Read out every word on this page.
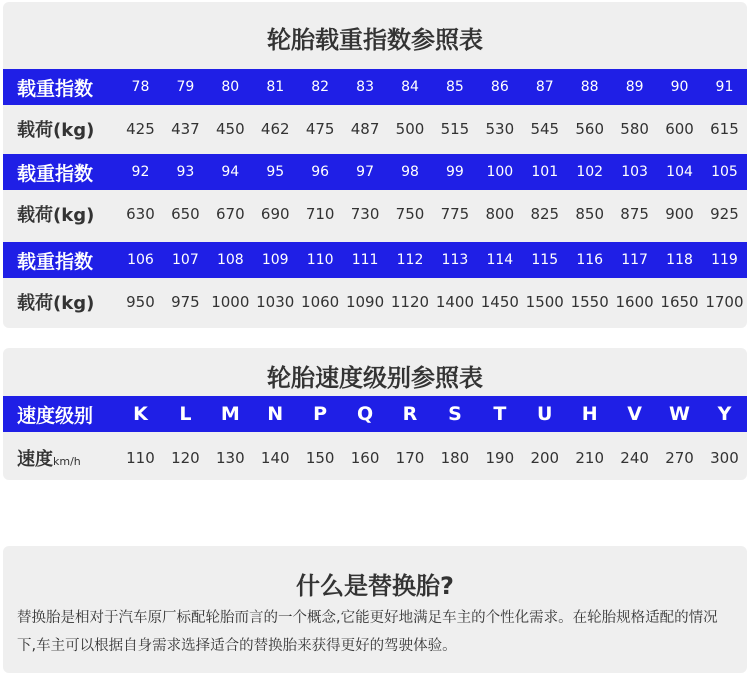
轮胎载重指数参照表
载重指数	78	79	80	81	82	83	84	85	86	87	88	89	90	91
载荷(kg)	425	437	450	462	475	487	500	515	530	545	560	580	600	615
载重指数	92	93	94	95	96	97	98	99	100	101	102	103	104	105
载荷(kg)	630	650	670	690	710	730	750	775	800	825	850	875	900	925
载重指数	106	107	108	109	110	111	112	113	114	115	116	117	118	119
载荷(kg)	950	975 1000 1030 1060 1090 1120 1400 1450 1500 1550 1600 1650 1700
轮胎速度级别参照表
速度级别	K	L	M	N	P	Q	R	S	T	U	H	V	W	Y
速度km/h	110	120	130	140	150	160	170	180	190	200	210	240	270	300
什么是替换胎?
替换胎是相对于汽车原厂标配轮胎而言的一个概念,它能更好地满足车主的个性化需求。在轮胎规格适配的情况下,车主可以根据自身需求选择适合的替换胎来获得更好的驾驶体验。
